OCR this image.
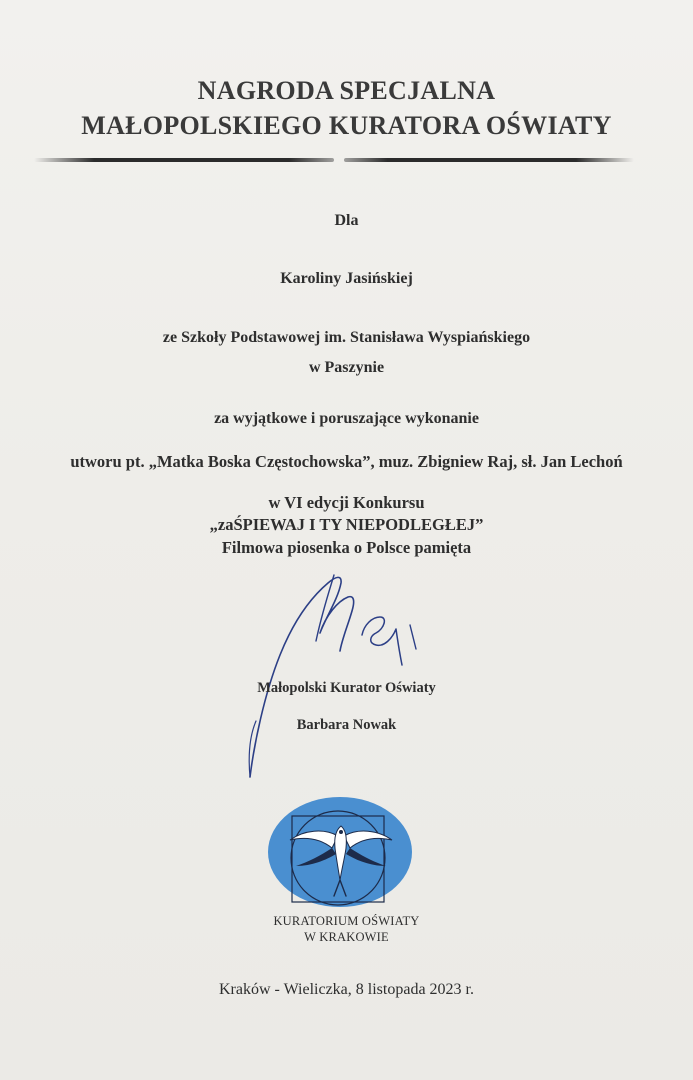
NAGRODA SPECJALNA
MAŁOPOLSKIEGO KURATORA OŚWIATY
Dla
Karoliny Jasińskiej
ze Szkoły Podstawowej im. Stanisława Wyspiańskiego
w Paszynie
za wyjątkowe i poruszające wykonanie
utworu pt. „Matka Boska Częstochowska”, muz. Zbigniew Raj, sł. Jan Lechoń
w VI edycji Konkursu
„zaŚPIEWAJ I TY NIEPODLEGŁEJ”
Filmowa piosenka o Polsce pamięta
Małopolski Kurator Oświaty
Barbara Nowak
KURATORIUM OŚWIATY
W KRAKOWIE
Kraków - Wieliczka, 8 listopada 2023 r.
